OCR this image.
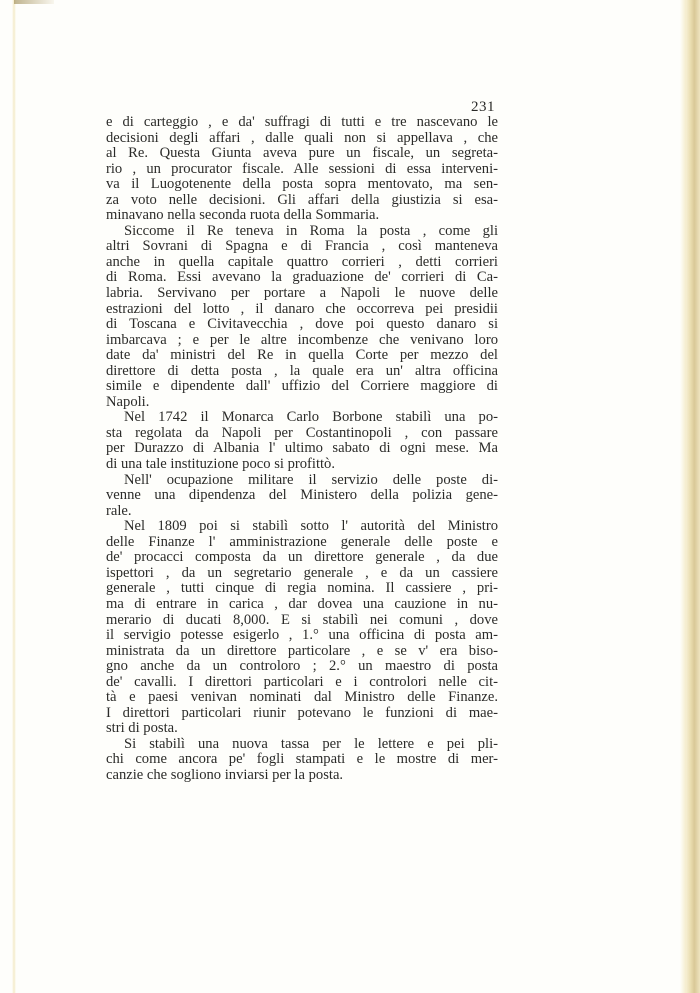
231
e di carteggio , e da' suffragi di tutti e tre nascevano le
decisioni degli affari , dalle quali non si appellava , che
al Re. Questa Giunta aveva pure un fiscale, un segreta-
rio , un procurator fiscale. Alle sessioni di essa interveni-
va il Luogotenente della posta sopra mentovato, ma sen-
za voto nelle decisioni. Gli affari della giustizia si esa-
minavano nella seconda ruota della Sommaria.
Siccome il Re teneva in Roma la posta , come gli
altri Sovrani di Spagna e di Francia , così manteneva
anche in quella capitale quattro corrieri , detti corrieri
di Roma. Essi avevano la graduazione de' corrieri di Ca-
labria. Servivano per portare a Napoli le nuove delle
estrazioni del lotto , il danaro che occorreva pei presidii
di Toscana e Civitavecchia , dove poi questo danaro si
imbarcava ; e per le altre incombenze che venivano loro
date da' ministri del Re in quella Corte per mezzo del
direttore di detta posta , la quale era un' altra officina
simile e dipendente dall' uffizio del Corriere maggiore di
Napoli.
Nel 1742 il Monarca Carlo Borbone stabilì una po-
sta regolata da Napoli per Costantinopoli , con passare
per Durazzo di Albania l' ultimo sabato di ogni mese. Ma
di una tale instituzione poco si profittò.
Nell' ocupazione militare il servizio delle poste di-
venne una dipendenza del Ministero della polizia gene-
rale.
Nel 1809 poi si stabilì sotto l' autorità del Ministro
delle Finanze l' amministrazione generale delle poste e
de' procacci composta da un direttore generale , da due
ispettori , da un segretario generale , e da un cassiere
generale , tutti cinque di regia nomina. Il cassiere , pri-
ma di entrare in carica , dar dovea una cauzione in nu-
merario di ducati 8,000. E si stabilì nei comuni , dove
il servigio potesse esigerlo , 1.° una officina di posta am-
ministrata da un direttore particolare , e se v' era biso-
gno anche da un controloro ; 2.° un maestro di posta
de' cavalli. I direttori particolari e i controlori nelle cit-
tà e paesi venivan nominati dal Ministro delle Finanze.
I direttori particolari riunir potevano le funzioni di mae-
stri di posta.
Si stabilì una nuova tassa per le lettere e pei pli-
chi come ancora pe' fogli stampati e le mostre di mer-
canzie che sogliono inviarsi per la posta.
